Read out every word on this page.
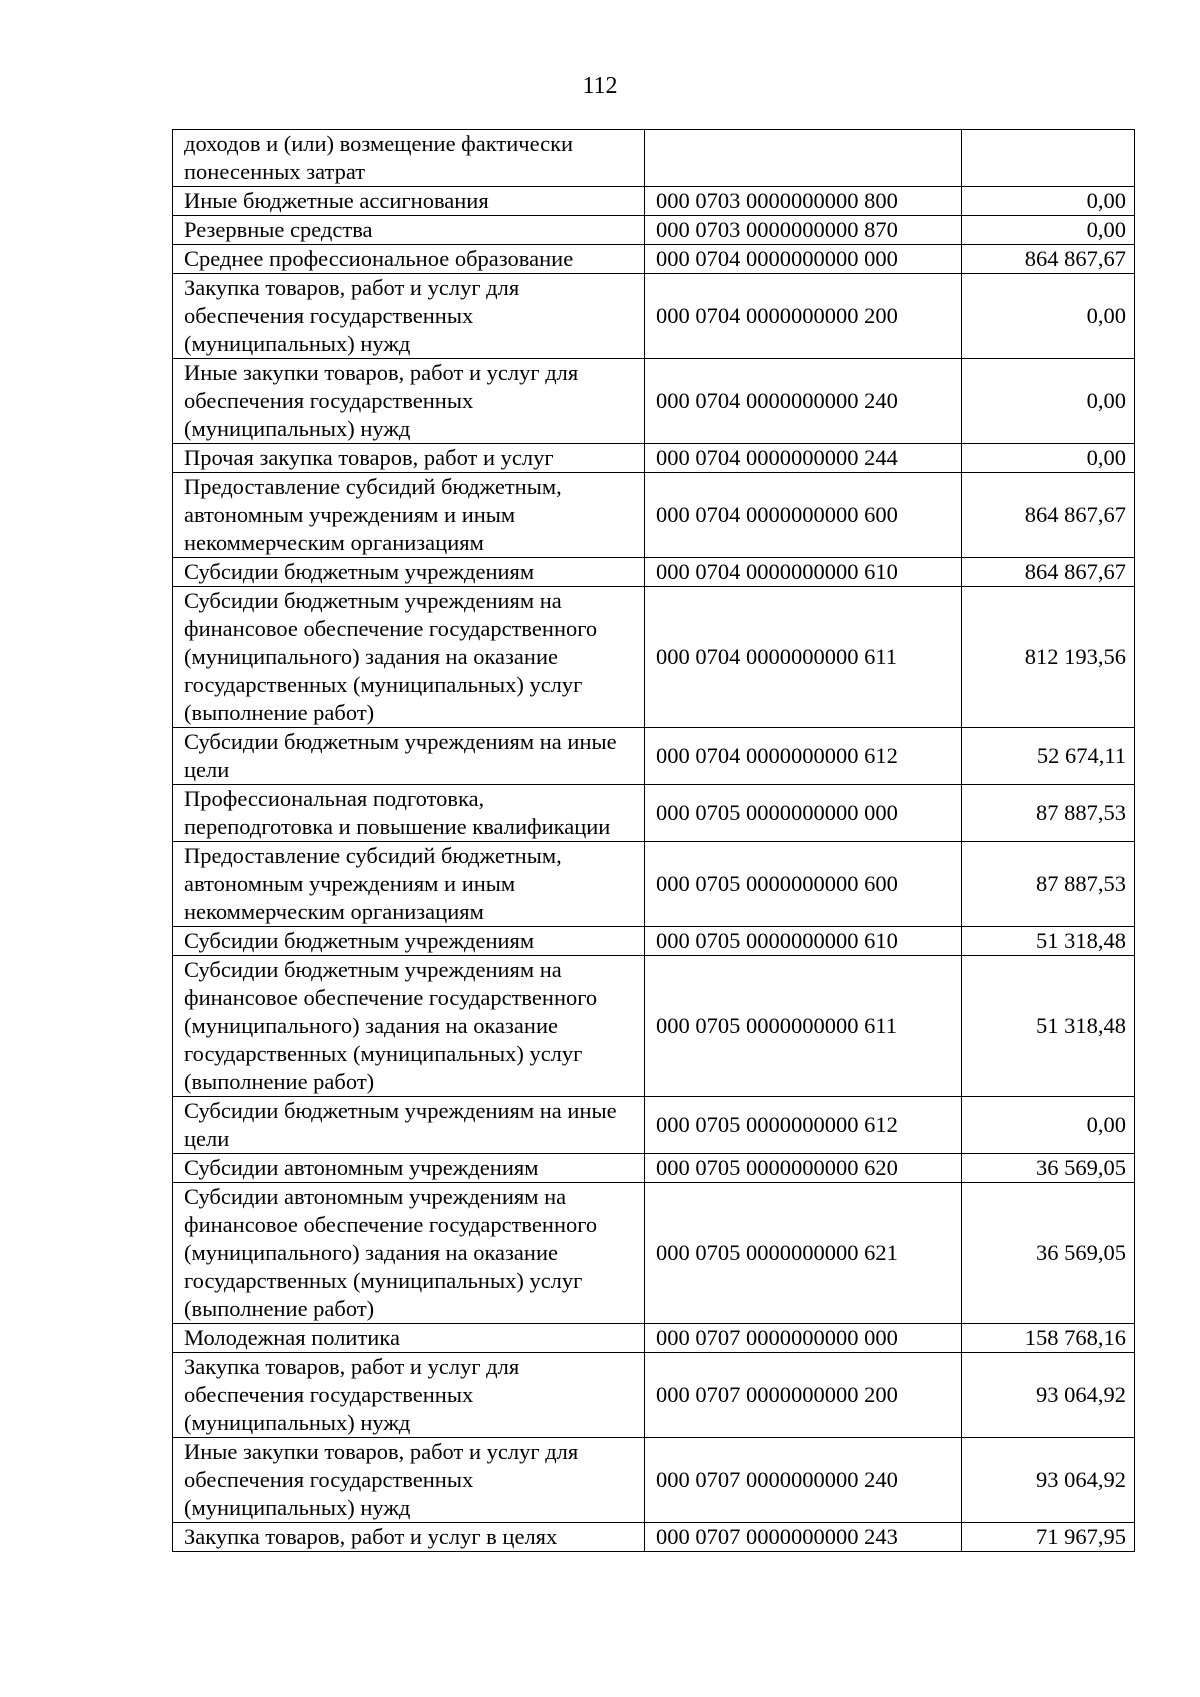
112
доходов и (или) возмещение фактически понесенных затрат		
Иные бюджетные ассигнования	000 0703 0000000000 800	0,00
Резервные средства	000 0703 0000000000 870	0,00
Среднее профессиональное образование	000 0704 0000000000 000	864 867,67
Закупка товаров, работ и услуг для обеспечения государственных (муниципальных) нужд	000 0704 0000000000 200	0,00
Иные закупки товаров, работ и услуг для обеспечения государственных (муниципальных) нужд	000 0704 0000000000 240	0,00
Прочая закупка товаров, работ и услуг	000 0704 0000000000 244	0,00
Предоставление субсидий бюджетным, автономным учреждениям и иным некоммерческим организациям	000 0704 0000000000 600	864 867,67
Субсидии бюджетным учреждениям	000 0704 0000000000 610	864 867,67
Субсидии бюджетным учреждениям на финансовое обеспечение государственного (муниципального) задания на оказание государственных (муниципальных) услуг (выполнение работ)	000 0704 0000000000 611	812 193,56
Субсидии бюджетным учреждениям на иные цели	000 0704 0000000000 612	52 674,11
Профессиональная подготовка, переподготовка и повышение квалификации	000 0705 0000000000 000	87 887,53
Предоставление субсидий бюджетным, автономным учреждениям и иным некоммерческим организациям	000 0705 0000000000 600	87 887,53
Субсидии бюджетным учреждениям	000 0705 0000000000 610	51 318,48
Субсидии бюджетным учреждениям на финансовое обеспечение государственного (муниципального) задания на оказание государственных (муниципальных) услуг (выполнение работ)	000 0705 0000000000 611	51 318,48
Субсидии бюджетным учреждениям на иные цели	000 0705 0000000000 612	0,00
Субсидии автономным учреждениям	000 0705 0000000000 620	36 569,05
Субсидии автономным учреждениям на финансовое обеспечение государственного (муниципального) задания на оказание государственных (муниципальных) услуг (выполнение работ)	000 0705 0000000000 621	36 569,05
Молодежная политика	000 0707 0000000000 000	158 768,16
Закупка товаров, работ и услуг для обеспечения государственных (муниципальных) нужд	000 0707 0000000000 200	93 064,92
Иные закупки товаров, работ и услуг для обеспечения государственных (муниципальных) нужд	000 0707 0000000000 240	93 064,92
Закупка товаров, работ и услуг в целях	000 0707 0000000000 243	71 967,95
